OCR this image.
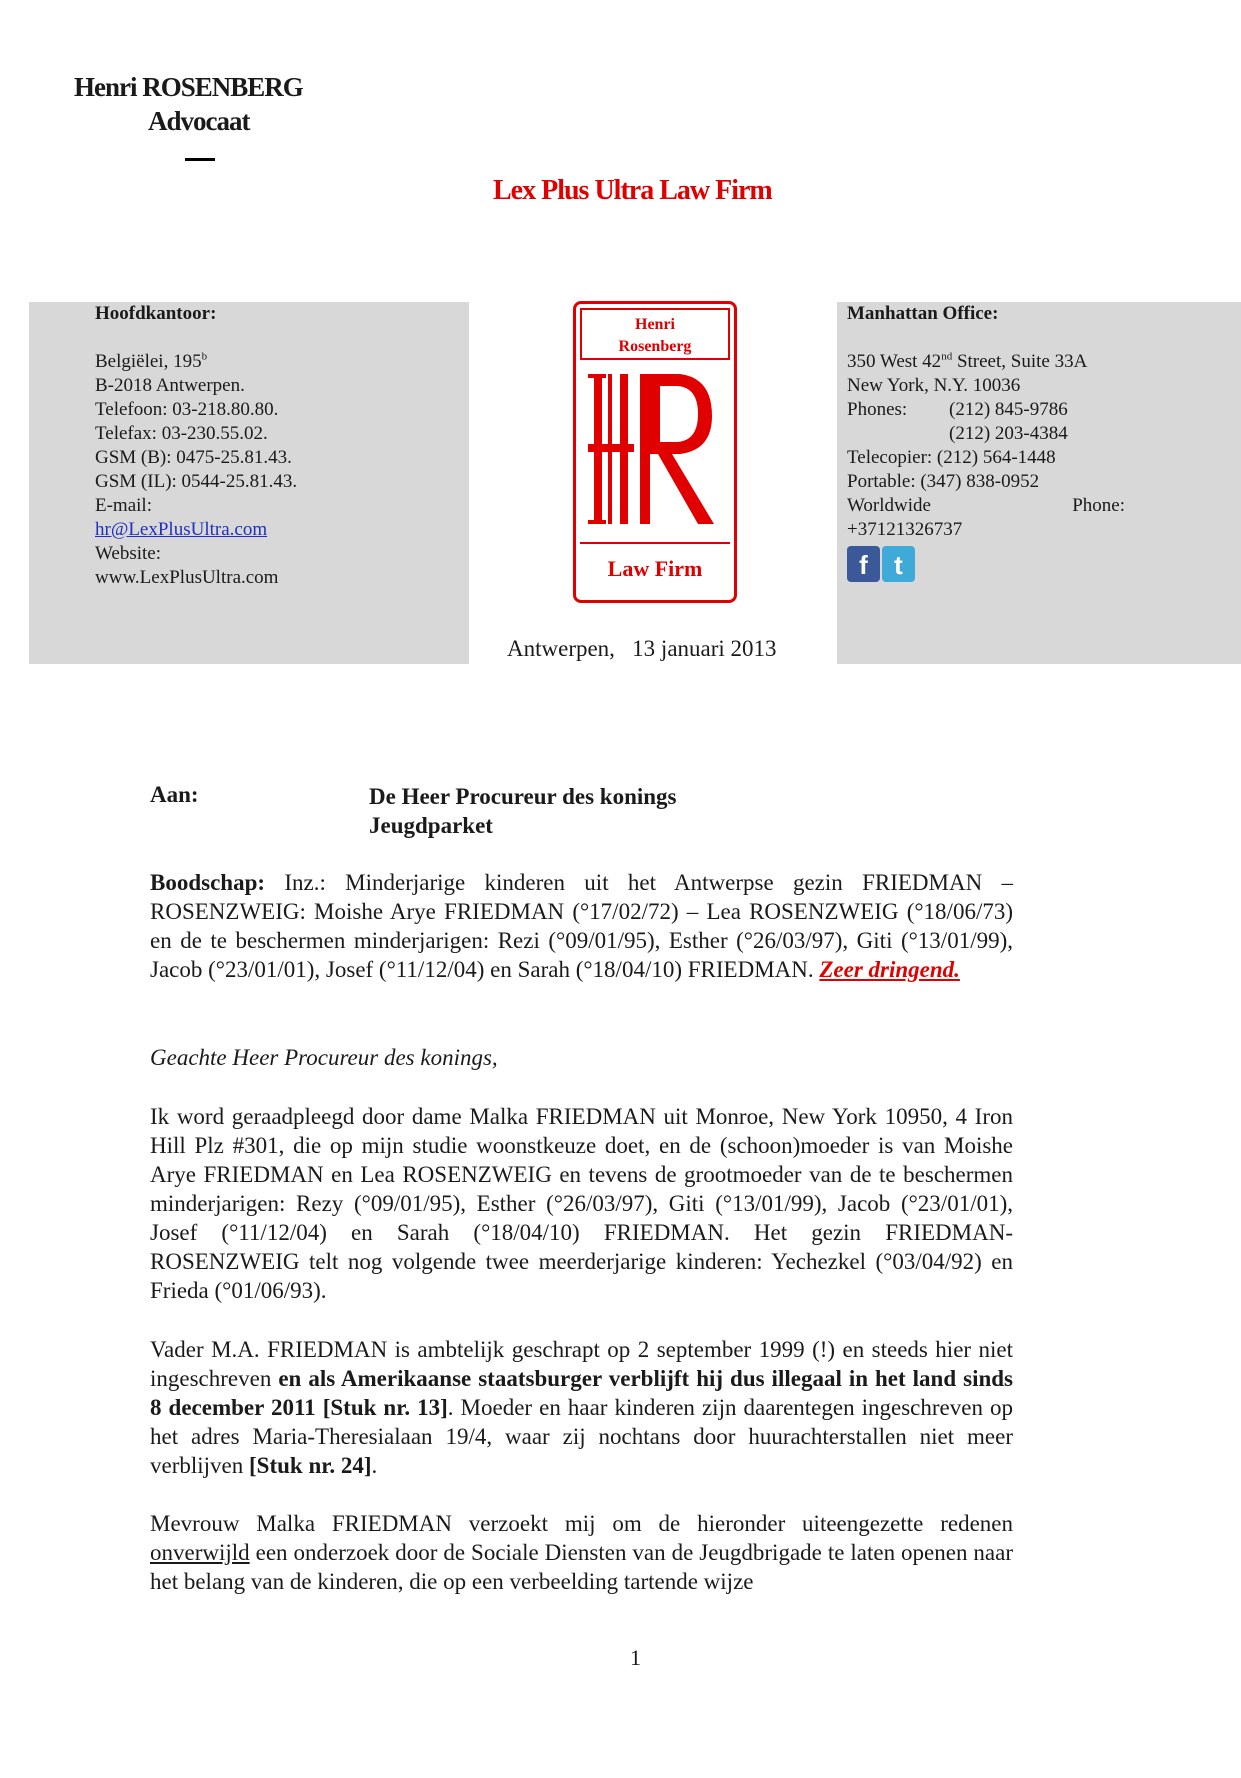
Henri ROSENBERG
Advocaat
Lex Plus Ultra Law Firm
Hoofdkantoor:
Belgiëlei, 195$^b$
B-2018 Antwerpen.
Telefoon: 03-218.80.80.
Telefax: 03-230.55.02.
GSM (B): 0475-25.81.43.
GSM (IL): 0544-25.81.43.
E-mail:
hr@LexPlusUltra.com
Website:
www.LexPlusUltra.com
Henri
Rosenberg
Law Firm
Manhattan Office:
350 West 42nd Street, Suite 33A
New York, N.Y. 10036
Phones: (212) 845-9786
(212) 203-4384
Telecopier: (212) 564-1448
Portable: (347) 838-0952
Worldwide	Phone:
+37121326737
f	t
Antwerpen,   13 januari 2013
Aan:	De Heer Procureur des konings
Jeugdparket
Boodschap: Inz.: Minderjarige kinderen uit het Antwerpse gezin FRIEDMAN – ROSENZWEIG: Moishe Arye FRIEDMAN (°17/02/72) – Lea ROSENZWEIG (°18/06/73) en de te beschermen minderjarigen: Rezi (°09/01/95), Esther (°26/03/97), Giti (°13/01/99), Jacob (°23/01/01), Josef (°11/12/04) en Sarah (°18/04/10) FRIEDMAN. Zeer dringend.
Geachte Heer Procureur des konings,
Ik word geraadpleegd door dame Malka FRIEDMAN uit Monroe, New York 10950, 4 Iron Hill Plz #301, die op mijn studie woonstkeuze doet, en de (schoon)moeder is van Moishe Arye FRIEDMAN en Lea ROSENZWEIG en tevens de grootmoeder van de te beschermen minderjarigen: Rezy (°09/01/95), Esther (°26/03/97), Giti (°13/01/99), Jacob (°23/01/01), Josef (°11/12/04) en Sarah (°18/04/10) FRIEDMAN. Het gezin FRIEDMAN-ROSENZWEIG telt nog volgende twee meerderjarige kinderen: Yechezkel (°03/04/92) en Frieda (°01/06/93).
Vader M.A. FRIEDMAN is ambtelijk geschrapt op 2 september 1999 (!) en steeds hier niet ingeschreven en als Amerikaanse staatsburger verblijft hij dus illegaal in het land sinds 8 december 2011 [Stuk nr. 13]. Moeder en haar kinderen zijn daarentegen ingeschreven op het adres Maria-Theresialaan 19/4, waar zij nochtans door huurachterstallen niet meer verblijven [Stuk nr. 24].
Mevrouw Malka FRIEDMAN verzoekt mij om de hieronder uiteengezette redenen onverwijld een onderzoek door de Sociale Diensten van de Jeugdbrigade te laten openen naar het belang van de kinderen, die op een verbeelding tartende wijze
1
